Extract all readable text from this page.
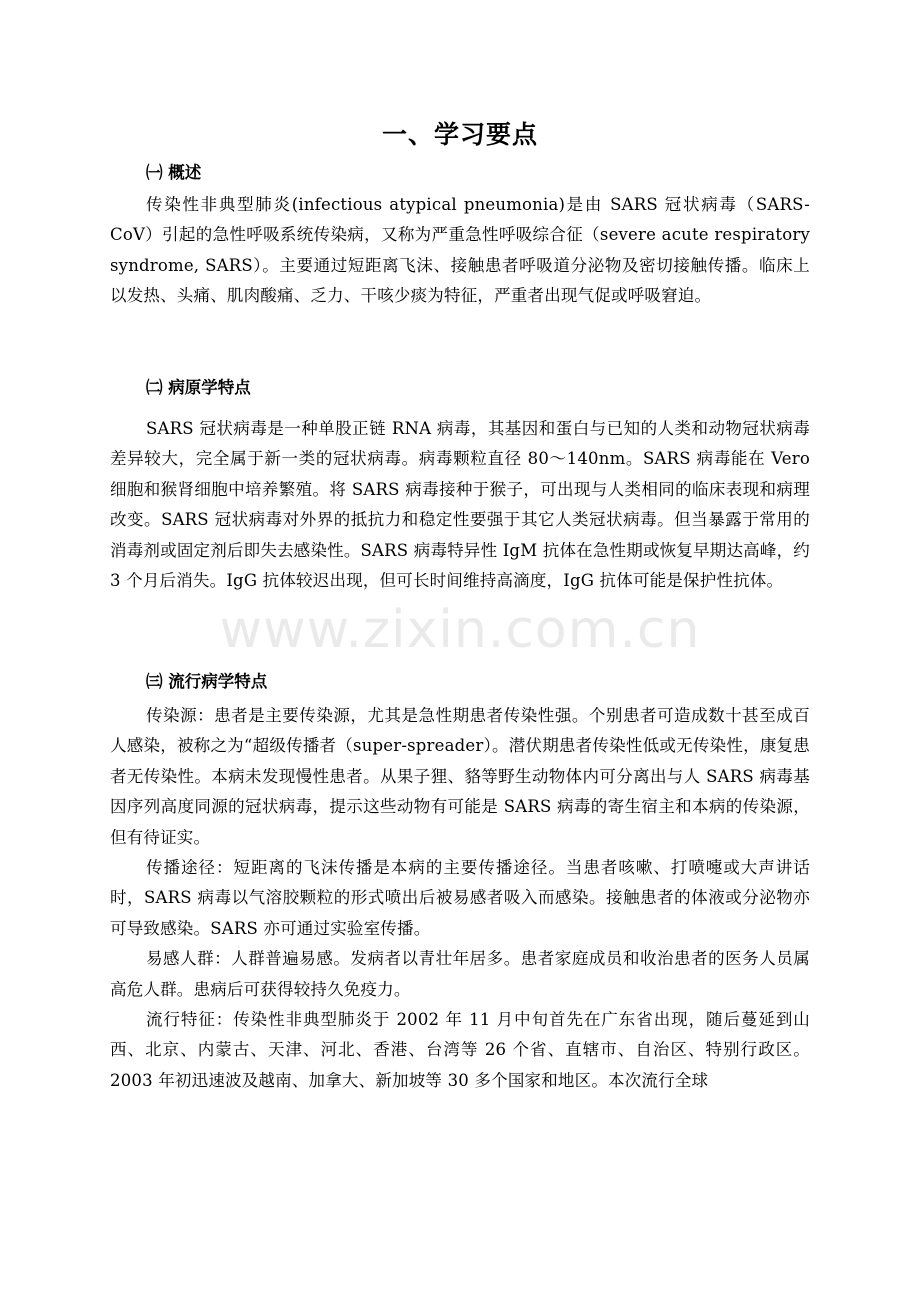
一、学习要点
㈠ 概述

传染性非典型肺炎(infectious atypical pneumonia)是由 SARS 冠状病毒（SARS-CoV）引起的急性呼吸系统传染病，又称为严重急性呼吸综合征（severe acute respiratory syndrome, SARS）。主要通过短距离飞沫、接触患者呼吸道分泌物及密切接触传播。临床上以发热、头痛、肌肉酸痛、乏力、干咳少痰为特征，严重者出现气促或呼吸窘迫。

㈡ 病原学特点

SARS 冠状病毒是一种单股正链 RNA 病毒，其基因和蛋白与已知的人类和动物冠状病毒差异较大，完全属于新一类的冠状病毒。病毒颗粒直径 80～140nm。SARS 病毒能在 Vero 细胞和猴肾细胞中培养繁殖。将 SARS 病毒接种于猴子，可出现与人类相同的临床表现和病理改变。SARS 冠状病毒对外界的抵抗力和稳定性要强于其它人类冠状病毒。但当暴露于常用的消毒剂或固定剂后即失去感染性。SARS 病毒特异性 IgM 抗体在急性期或恢复早期达高峰，约 3 个月后消失。IgG 抗体较迟出现，但可长时间维持高滴度，IgG 抗体可能是保护性抗体。

㈢ 流行病学特点

传染源：患者是主要传染源，尤其是急性期患者传染性强。个别患者可造成数十甚至成百人感染，被称之为“超级传播者（super-spreader）。潜伏期患者传染性低或无传染性，康复患者无传染性。本病未发现慢性患者。从果子狸、貉等野生动物体内可分离出与人 SARS 病毒基因序列高度同源的冠状病毒，提示这些动物有可能是 SARS 病毒的寄生宿主和本病的传染源，但有待证实。

传播途径：短距离的飞沫传播是本病的主要传播途径。当患者咳嗽、打喷嚏或大声讲话时，SARS 病毒以气溶胶颗粒的形式喷出后被易感者吸入而感染。接触患者的体液或分泌物亦可导致感染。SARS 亦可通过实验室传播。

易感人群：人群普遍易感。发病者以青壮年居多。患者家庭成员和收治患者的医务人员属高危人群。患病后可获得较持久免疫力。

流行特征：传染性非典型肺炎于 2002 年 11 月中旬首先在广东省出现，随后蔓延到山西、北京、内蒙古、天津、河北、香港、台湾等 26 个省、直辖市、自治区、特别行政区。2003 年初迅速波及越南、加拿大、新加坡等 30 多个国家和地区。本次流行全球

www.zixin.com.cn
